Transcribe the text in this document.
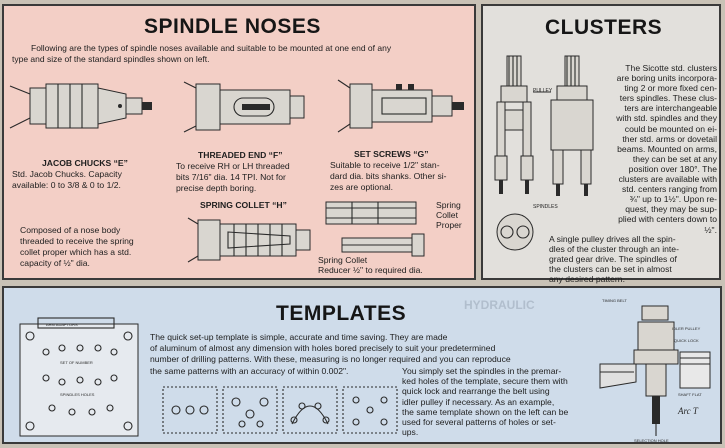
SPINDLE NOSES
Following are the types of spindle noses available and suitable to be mounted at one end of any
type and size of the standard spindles shown on left.
JACOB CHUCKS “E”
Std. Jacob Chucks. Capacity
available: 0 to 3/8 & 0 to 1/2.
THREADED END “F”
To receive RH or LH threaded
bits 7/16" dia. 14 TPI. Not for
precise depth boring.
SET SCREWS “G”
Suitable to receive 1/2" stan-
dard dia. bits shanks. Other si-
zes are optional.
SPRING COLLET “H”
Composed of a nose body
threaded to receive the spring
collet proper which has a std.
capacity of ½" dia.
Spring
Collet
Proper
Spring Collet
Reducer ½" to required dia.
CLUSTERS
PULLEY
SPINDLES
The Sicotte std. clusters
are boring units incorpora-
ting 2 or more fixed cen-
ters spindles. These clus-
ters are interchangeable
with std. spindles and they
could be mounted on ei-
ther std. arms or dovetail
beams. Mounted on arms,
they can be set at any
position over 180°. The
clusters are available with
std. centers ranging from
¾" up to 1½". Upon re-
quest, they may be sup-
plied with centers down to
½".
A single pulley drives all the spin-
dles of the cluster through an inte-
grated gear drive. The spindles of
the clusters can be set in almost
any desired pattern.
HYDRAULIC
TEMPLATES
ARM ADAPTORS
SET OF NUMBER
SPINDLES HOLES
The quick set-up template is simple, accurate and time saving. They are made
of aluminum of almost any dimension with holes bored precisely to suit your predetermined
number of drilling patterns. With these, measuring is no longer required and you can reproduce
the same patterns with an accuracy of within 0.002".	You simply set the spindles in the premar-
ked holes of the template, secure them with
quick lock and rearrange the belt using
idler pulley if necessary. As an example,
the same template shown on the left can be
used for several patterns of holes or set-
ups.
TIMING BELT
IDLER PULLEY
QUICK LOCK
SHAFT FLAT
SELECTION HOLE
Arc T
